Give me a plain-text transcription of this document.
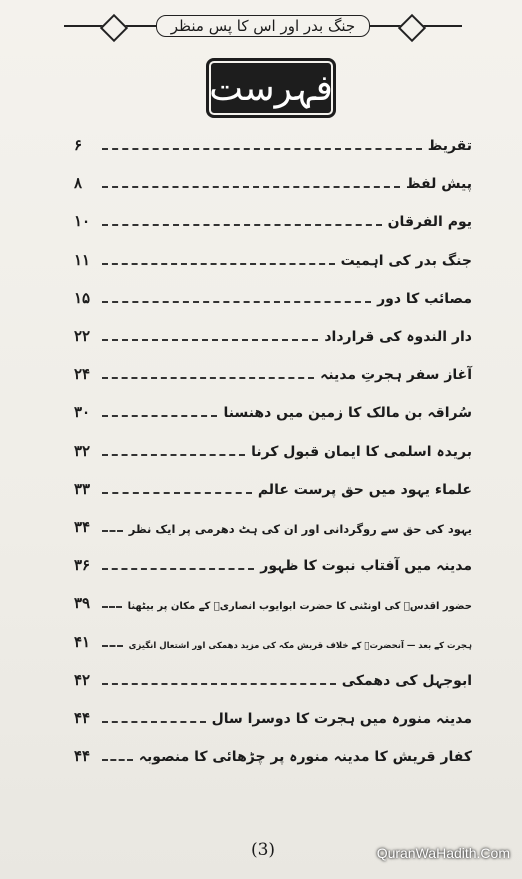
جنگ بدر اور اس کا پس منظر
فہرست
۶	تقریظ
۸	پیش لفظ
۱۰	یوم الفرقان
۱۱	جنگ بدر کی اہمیت
۱۵	مصائب کا دور
۲۲	دار الندوہ کی قرارداد
۲۴	آغاز سفر ہجرتِ مدینہ
۳۰	سُراقہ بن مالک کا زمین میں دھنسنا
۳۲	بریدہ اسلمی کا ایمان قبول کرنا
۳۳	علماء یہود میں حق پرست عالم
۳۴	یہود کی حق سے روگردانی اور ان کی ہٹ دھرمی پر ایک نظر
۳۶	مدینہ میں آفتاب نبوت کا ظہور
۳۹	حضور اقدسؐ کی اونٹنی کا حضرت ابوایوب انصاریؓ کے مکان پر بیٹھنا
۴۱	ہجرت کے بعد — آنحضرتؐ کے خلاف قریش مکہ کی مزید دھمکی اور اشتعال انگیزی
۴۲	ابوجہل کی دھمکی
۴۴	مدینہ منورہ میں ہجرت کا دوسرا سال
۴۴	کفار قریش کا مدینہ منورہ پر چڑھائی کا منصوبہ
(3)	QuranWaHadith.Com
